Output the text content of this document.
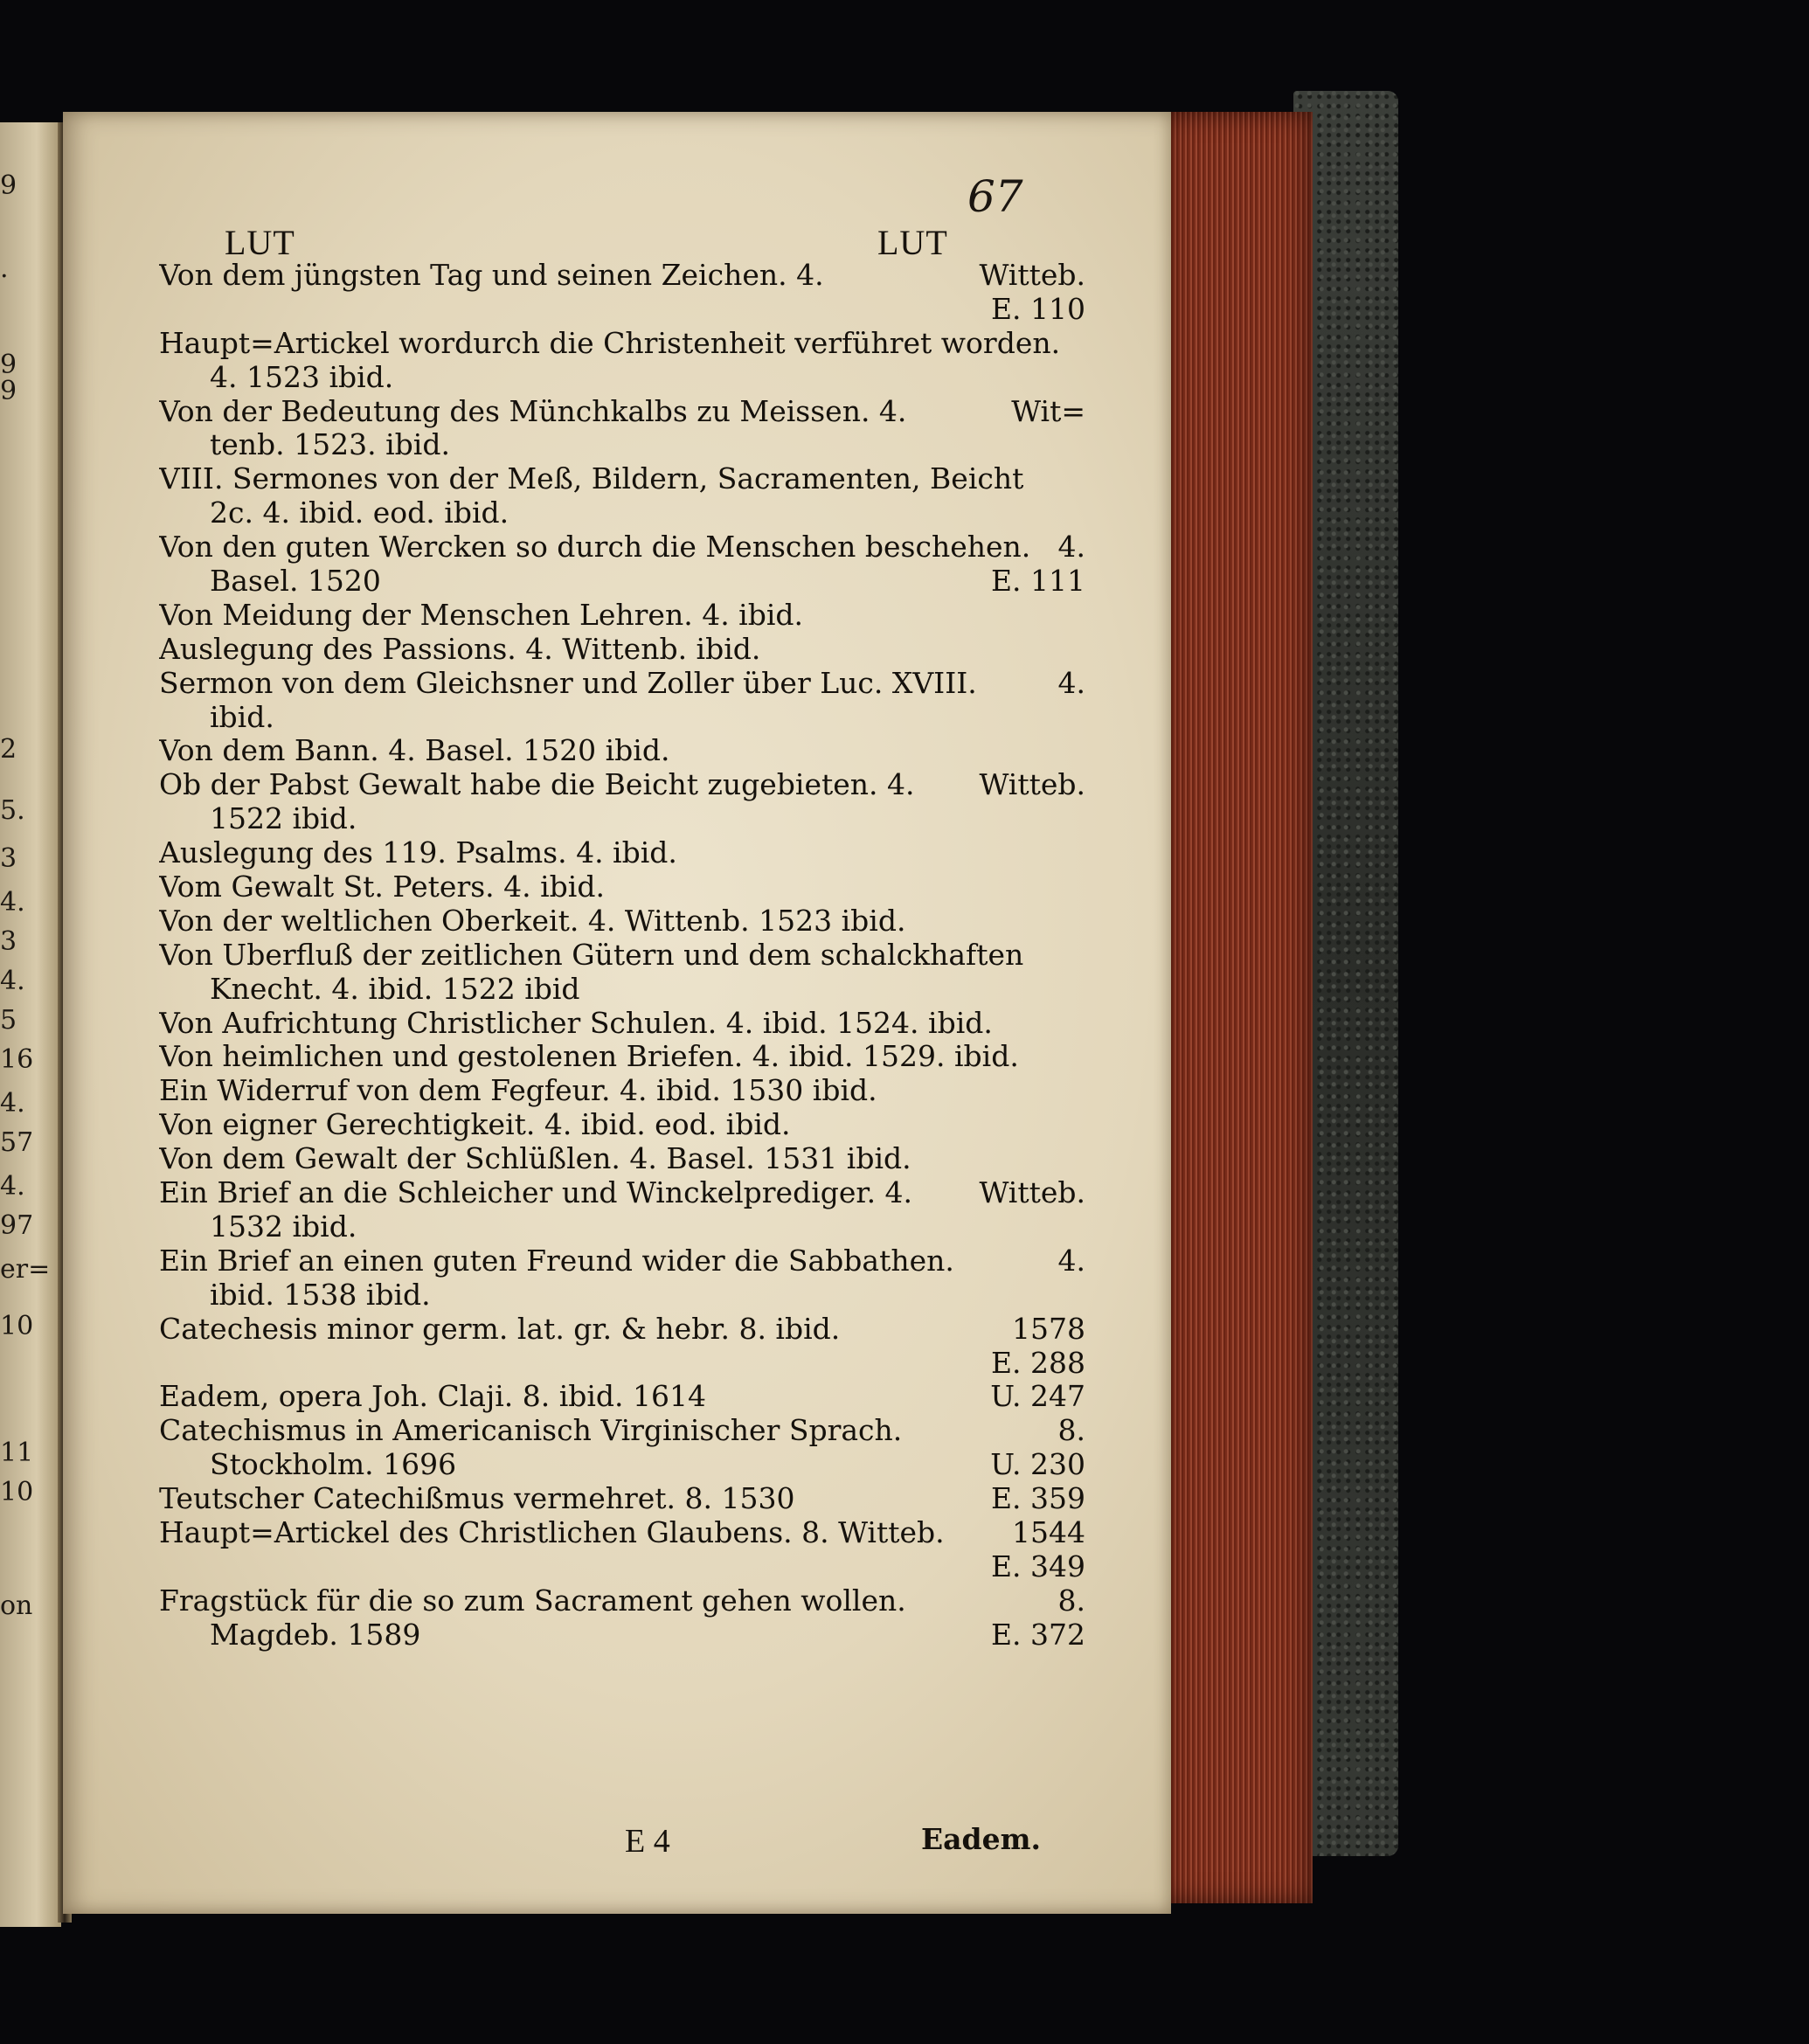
9
.
9
9
2
5.
3
4.
3
4.
5
16
4.
57
4.
97
er=
10
11
10
on
67
LUT	LUT
Von dem jüngsten Tag und seinen Zeichen. 4.	Witteb.
E. 110
Haupt=Artickel wordurch die Christenheit verführet worden.
4. 1523 ibid.
Von der Bedeutung des Münchkalbs zu Meissen. 4.	Wit=
tenb. 1523. ibid.
VIII. Sermones von der Meß, Bildern, Sacramenten, Beicht
2c. 4. ibid. eod. ibid.
Von den guten Wercken so durch die Menschen beschehen. 4.
Basel. 1520	E. 111
Von Meidung der Menschen Lehren. 4. ibid.
Auslegung des Passions. 4. Wittenb. ibid.
Sermon von dem Gleichsner und Zoller über Luc. XVIII.	4.
ibid.
Von dem Bann. 4. Basel. 1520 ibid.
Ob der Pabst Gewalt habe die Beicht zugebieten. 4.	Witteb.
1522 ibid.
Auslegung des 119. Psalms. 4. ibid.
Vom Gewalt St. Peters. 4. ibid.
Von der weltlichen Oberkeit. 4. Wittenb. 1523 ibid.
Von Uberfluß der zeitlichen Gütern und dem schalckhaften
Knecht. 4. ibid. 1522 ibid
Von Aufrichtung Christlicher Schulen. 4. ibid. 1524. ibid.
Von heimlichen und gestolenen Briefen. 4. ibid. 1529. ibid.
Ein Widerruf von dem Fegfeur. 4. ibid. 1530 ibid.
Von eigner Gerechtigkeit. 4. ibid. eod. ibid.
Von dem Gewalt der Schlüßlen. 4. Basel. 1531 ibid.
Ein Brief an die Schleicher und Winckelprediger. 4.	Witteb.
1532 ibid.
Ein Brief an einen guten Freund wider die Sabbathen.	4.
ibid. 1538 ibid.
Catechesis minor germ. lat. gr. & hebr. 8. ibid.	1578
E. 288
Eadem, opera Joh. Claji. 8. ibid. 1614	U. 247
Catechismus in Americanisch Virginischer Sprach.	8.
Stockholm. 1696	U. 230
Teutscher Catechißmus vermehret. 8. 1530	E. 359
Haupt=Artickel des Christlichen Glaubens. 8. Witteb.	1544
E. 349
Fragstück für die so zum Sacrament gehen wollen.	8.
Magdeb. 1589	E. 372
E 4	Eadem.
